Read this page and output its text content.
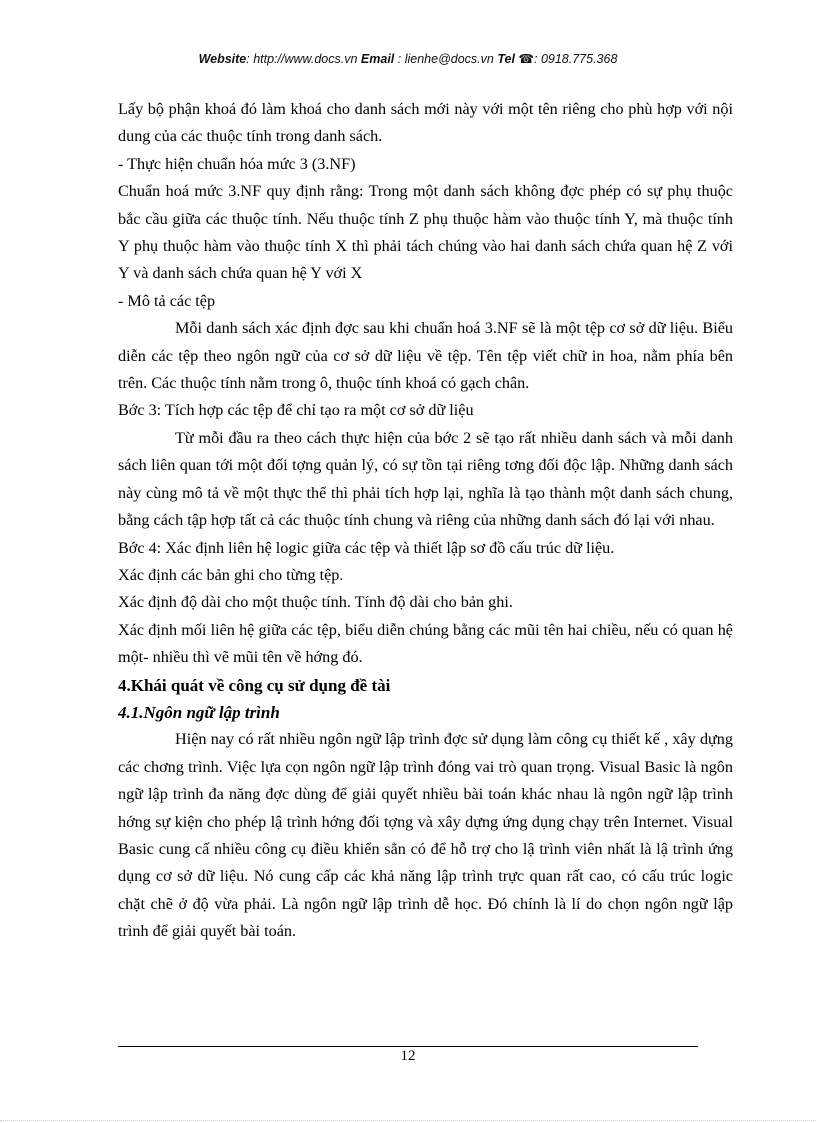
Website: http://www.docs.vn Email : lienhe@docs.vn Tel ☎: 0918.775.368

Lấy bộ phận khoá đó làm khoá cho danh sách mới này với một tên riêng cho phù hợp với nội dung của các thuộc tính trong danh sách.

- Thực hiện chuẩn hóa mức 3 (3.NF)

Chuẩn hoá mức 3.NF quy định rằng: Trong một danh sách không đợc phép có sự phụ thuộc bắc cầu giữa các thuộc tính. Nếu thuộc tính Z phụ thuộc hàm vào thuộc tính Y, mà thuộc tính Y phụ thuộc hàm vào thuộc tính X thì phải tách chúng vào hai danh sách chứa quan hệ Z với Y và danh sách chứa quan hệ Y với X

- Mô tả các tệp

Mỗi danh sách xác định đợc sau khi chuẩn hoá 3.NF sẽ là một tệp cơ sở dữ liệu. Biểu diễn các tệp theo ngôn ngữ của cơ sở dữ liệu về tệp. Tên tệp viết chữ in hoa, nằm phía bên trên. Các thuộc tính nằm trong ô, thuộc tính khoá có gạch chân.

Bớc 3: Tích hợp các tệp để chỉ tạo ra một cơ sở dữ liệu

Từ mỗi đầu ra theo cách thực hiện của bớc 2 sẽ tạo rất nhiều danh sách và mỗi danh sách liên quan tới một đối tợng quản lý, có sự tồn tại riêng tơng đối độc lập. Những danh sách này cùng mô tả về một thực thể thì phải tích hợp lại, nghĩa là tạo thành một danh sách chung, bằng cách tập hợp tất cả các thuộc tính chung và riêng của những danh sách đó lại với nhau.

Bớc 4: Xác định liên hệ logic giữa các tệp và thiết lập sơ đồ cấu trúc dữ liệu.

Xác định các bản ghi cho từng tệp.

Xác định độ dài cho một thuộc tính. Tính độ dài cho bản ghi.

Xác định mối liên hệ giữa các tệp, biểu diễn chúng bằng các mũi tên hai chiều, nếu có quan hệ một- nhiều thì vẽ mũi tên về hớng đó.

4.Khái quát về công cụ sử dụng đề tài

4.1.Ngôn ngữ lập trình

Hiện nay có rất nhiều ngôn ngữ lập trình đợc sử dụng làm công cụ thiết kế , xây dựng các chơng trình. Việc lựa cọn ngôn ngữ lập trình đóng vai trò quan trọng. Visual Basic là ngôn ngữ lập trình đa năng đợc dùng để giải quyết nhiều bài toán khác nhau là ngôn ngữ lập trình hớng sự kiện cho phép lậ trình hớng đối tợng và xây dựng ứng dụng chạy trên Internet. Visual Basic cung cấ nhiều công cụ điều khiển sẳn có để hỗ trợ cho lậ trình viên nhất là lậ trình ứng dụng cơ sở dữ liệu. Nó cung cấp các khả năng lập trình trực quan rất cao, có cấu trúc logic chặt chẽ ở độ vừa phải. Là ngôn ngữ lập trình dễ học. Đó chính là lí do chọn ngôn ngữ lập trình để giải quyết bài toán.

12
